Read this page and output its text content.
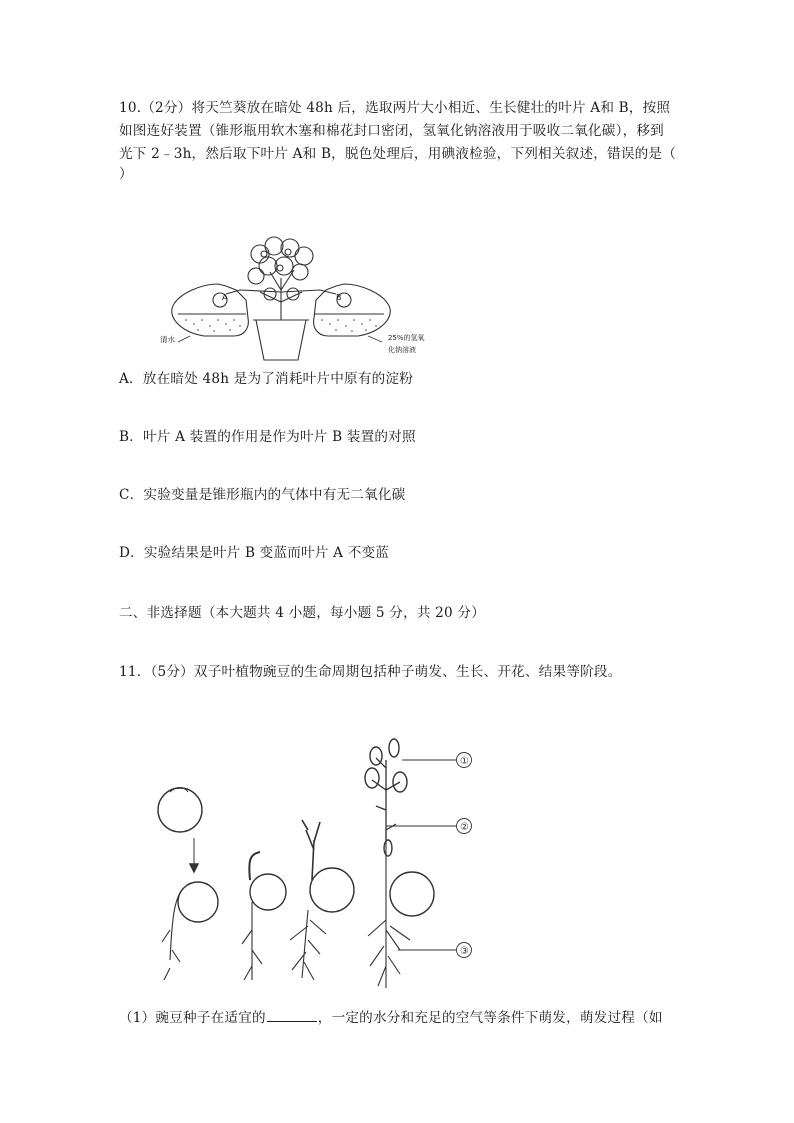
10.（2分）将天竺葵放在暗处 48h 后，选取两片大小相近、生长健壮的叶片 A和 B，按照
如图连好装置（锥形瓶用软木塞和棉花封口密闭，氢氧化钠溶液用于吸收二氧化碳），移到
光下 2﹣3h，然后取下叶片 A和 B，脱色处理后，用碘液检验，下列相关叙述，错误的是（
）
A	B
清水	25%的氢氧
化钠溶液
A．放在暗处 48h 是为了消耗叶片中原有的淀粉
B．叶片 A 装置的作用是作为叶片 B 装置的对照
C．实验变量是锥形瓶内的气体中有无二氧化碳
D．实验结果是叶片 B 变蓝而叶片 A 不变蓝
二、非选择题（本大题共 4 小题，每小题 5 分，共 20 分）
11．（5分）双子叶植物豌豆的生命周期包括种子萌发、生长、开花、结果等阶段。
①
②
③
（1）豌豆种子在适宜的	，一定的水分和充足的空气等条件下萌发，萌发过程（如
